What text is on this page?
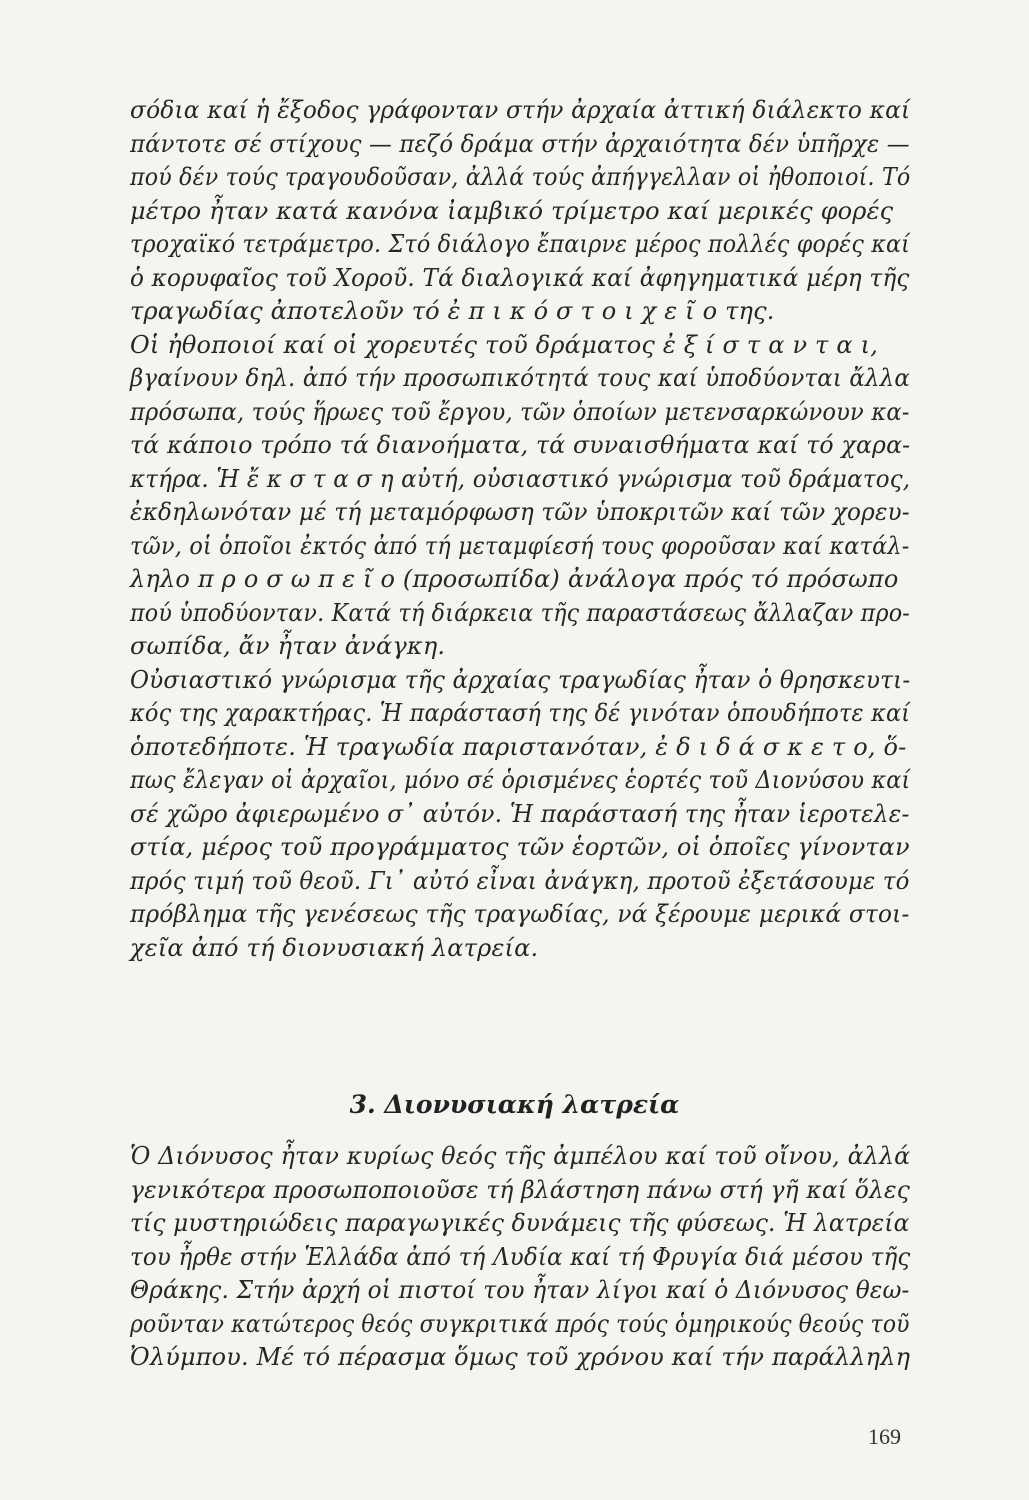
σόδια καί ἡ ἔξοδος γράφονταν στήν ἀρχαία ἀττική διάλεκτο καί
πάντοτε σέ στίχους — πεζό δράμα στήν ἀρχαιότητα δέν ὑπῆρχε —
πού δέν τούς τραγουδοῦσαν, ἀλλά τούς ἀπήγγελλαν οἱ ἠθοποιοί. Τό
μέτρο ἦταν κατά κανόνα ἰαμβικό τρίμετρο καί μερικές φορές
τροχαϊκό τετράμετρο. Στό διάλογο ἔπαιρνε μέρος πολλές φορές καί
ὁ κορυφαῖος τοῦ Χοροῦ. Τά διαλογικά καί ἀφηγηματικά μέρη τῆς
τραγωδίας ἀποτελοῦν τό ἐ π ι κ ό σ τ ο ι χ ε ῖ ο της.
Οἱ ἠθοποιοί καί οἱ χορευτές τοῦ δράματος ἐ ξ ί σ τ α ν τ α ι,
βγαίνουν δηλ. ἀπό τήν προσωπικότητά τους καί ὑποδύονται ἄλλα
πρόσωπα, τούς ἥρωες τοῦ ἔργου, τῶν ὁποίων μετενσαρκώνουν κα-
τά κάποιο τρόπο τά διανοήματα, τά συναισθήματα καί τό χαρα-
κτήρα. Ἡ ἔ κ σ τ α σ η αὐτή, οὐσιαστικό γνώρισμα τοῦ δράματος,
ἐκδηλωνόταν μέ τή μεταμόρφωση τῶν ὑποκριτῶν καί τῶν χορευ-
τῶν, οἱ ὁποῖοι ἐκτός ἀπό τή μεταμφίεσή τους φοροῦσαν καί κατάλ-
ληλο π ρ ο σ ω π ε ῖ ο (προσωπίδα) ἀνάλογα πρός τό πρόσωπο
πού ὑποδύονταν. Κατά τή διάρκεια τῆς παραστάσεως ἄλλαζαν προ-
σωπίδα, ἄν ἦταν ἀνάγκη.
Οὐσιαστικό γνώρισμα τῆς ἀρχαίας τραγωδίας ἦταν ὁ θρησκευτι-
κός της χαρακτήρας. Ἡ παράστασή της δέ γινόταν ὁπουδήποτε καί
ὁποτεδήποτε. Ἡ τραγωδία παριστανόταν, ἐ δ ι δ ά σ κ ε τ ο, ὅ-
πως ἔλεγαν οἱ ἀρχαῖοι, μόνο σέ ὁρισμένες ἑορτές τοῦ Διονύσου καί
σέ χῶρο ἀφιερωμένο σ᾿ αὐτόν. Ἡ παράστασή της ἦταν ἱεροτελε-
στία, μέρος τοῦ προγράμματος τῶν ἑορτῶν, οἱ ὁποῖες γίνονταν
πρός τιμή τοῦ θεοῦ. Γι᾿ αὐτό εἶναι ἀνάγκη, προτοῦ ἐξετάσουμε τό
πρόβλημα τῆς γενέσεως τῆς τραγωδίας, νά ξέρουμε μερικά στοι-
χεῖα ἀπό τή διονυσιακή λατρεία.
3. Διονυσιακή λατρεία
Ὁ Διόνυσος ἦταν κυρίως θεός τῆς ἀμπέλου καί τοῦ οἴνου, ἀλλά
γενικότερα προσωποποιοῦσε τή βλάστηση πάνω στή γῆ καί ὅλες
τίς μυστηριώδεις παραγωγικές δυνάμεις τῆς φύσεως. Ἡ λατρεία
του ἦρθε στήν Ἑλλάδα ἀπό τή Λυδία καί τή Φρυγία διά μέσου τῆς
Θράκης. Στήν ἀρχή οἱ πιστοί του ἦταν λίγοι καί ὁ Διόνυσος θεω-
ροῦνταν κατώτερος θεός συγκριτικά πρός τούς ὁμηρικούς θεούς τοῦ
Ὀλύμπου. Μέ τό πέρασμα ὅμως τοῦ χρόνου καί τήν παράλληλη
169
